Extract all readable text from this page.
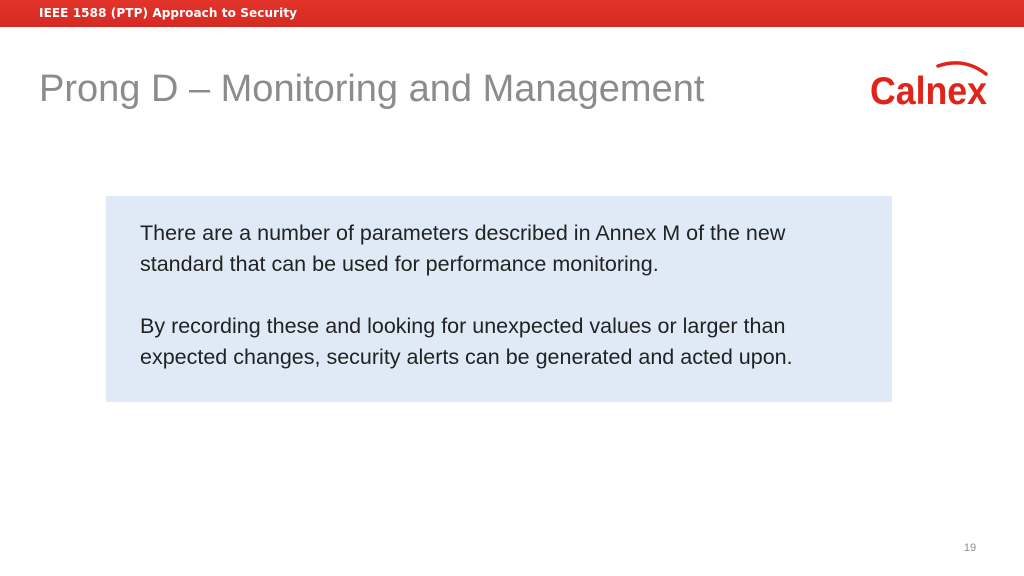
IEEE 1588 (PTP) Approach to Security
Prong D – Monitoring and Management	Calnex

There are a number of parameters described in Annex M of the new standard that can be used for performance monitoring.

By recording these and looking for unexpected values or larger than expected changes, security alerts can be generated and acted upon.

19
